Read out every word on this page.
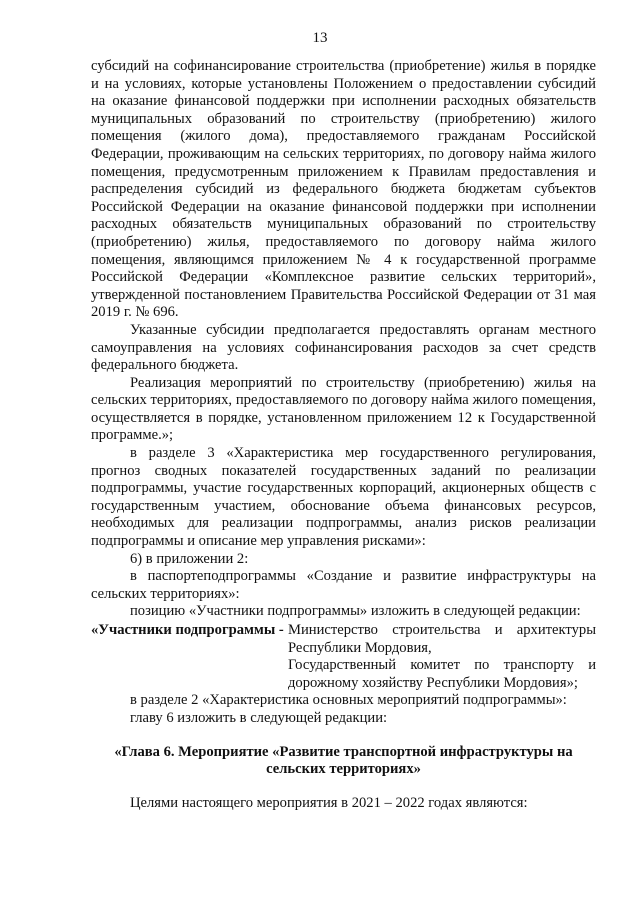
13

субсидий на софинансирование строительства (приобретение) жилья в порядке и на условиях, которые установлены Положением о предоставлении субсидий на оказание финансовой поддержки при исполнении расходных обязательств муниципальных образований по строительству (приобретению) жилого помещения (жилого дома), предоставляемого гражданам Российской Федерации, проживающим на сельских территориях, по договору найма жилого помещения, предусмотренным приложением к Правилам предоставления и распределения субсидий из федерального бюджета бюджетам субъектов Российской Федерации на оказание финансовой поддержки при исполнении расходных обязательств муниципальных образований по строительству (приобретению) жилья, предоставляемого по договору найма жилого помещения, являющимся приложением № 4 к государственной программе Российской Федерации «Комплексное развитие сельских территорий», утвержденной постановлением Правительства Российской Федерации от 31 мая 2019 г. № 696.

Указанные субсидии предполагается предоставлять органам местного самоуправления на условиях софинансирования расходов за счет средств федерального бюджета.

Реализация мероприятий по строительству (приобретению) жилья на сельских территориях, предоставляемого по договору найма жилого помещения, осуществляется в порядке, установленном приложением 12 к Государственной программе.»;

в разделе 3 «Характеристика мер государственного регулирования, прогноз сводных показателей государственных заданий по реализации подпрограммы, участие государственных корпораций, акционерных обществ с государственным участием, обоснование объема финансовых ресурсов, необходимых для реализации подпрограммы, анализ рисков реализации подпрограммы и описание мер управления рисками»:

6) в приложении 2:

в паспортеподпрограммы «Создание и развитие инфраструктуры на сельских территориях»:

позицию «Участники подпрограммы» изложить в следующей редакции:

«Участники подпрограммы - Министерство строительства и архитектуры Республики Мордовия,

Государственный комитет по транспорту и дорожному хозяйству Республики Мордовия»;

в разделе 2 «Характеристика основных мероприятий подпрограммы»:

главу 6 изложить в следующей редакции:

«Глава 6. Мероприятие «Развитие транспортной инфраструктуры на сельских территориях»

Целями настоящего мероприятия в 2021 – 2022 годах являются:
